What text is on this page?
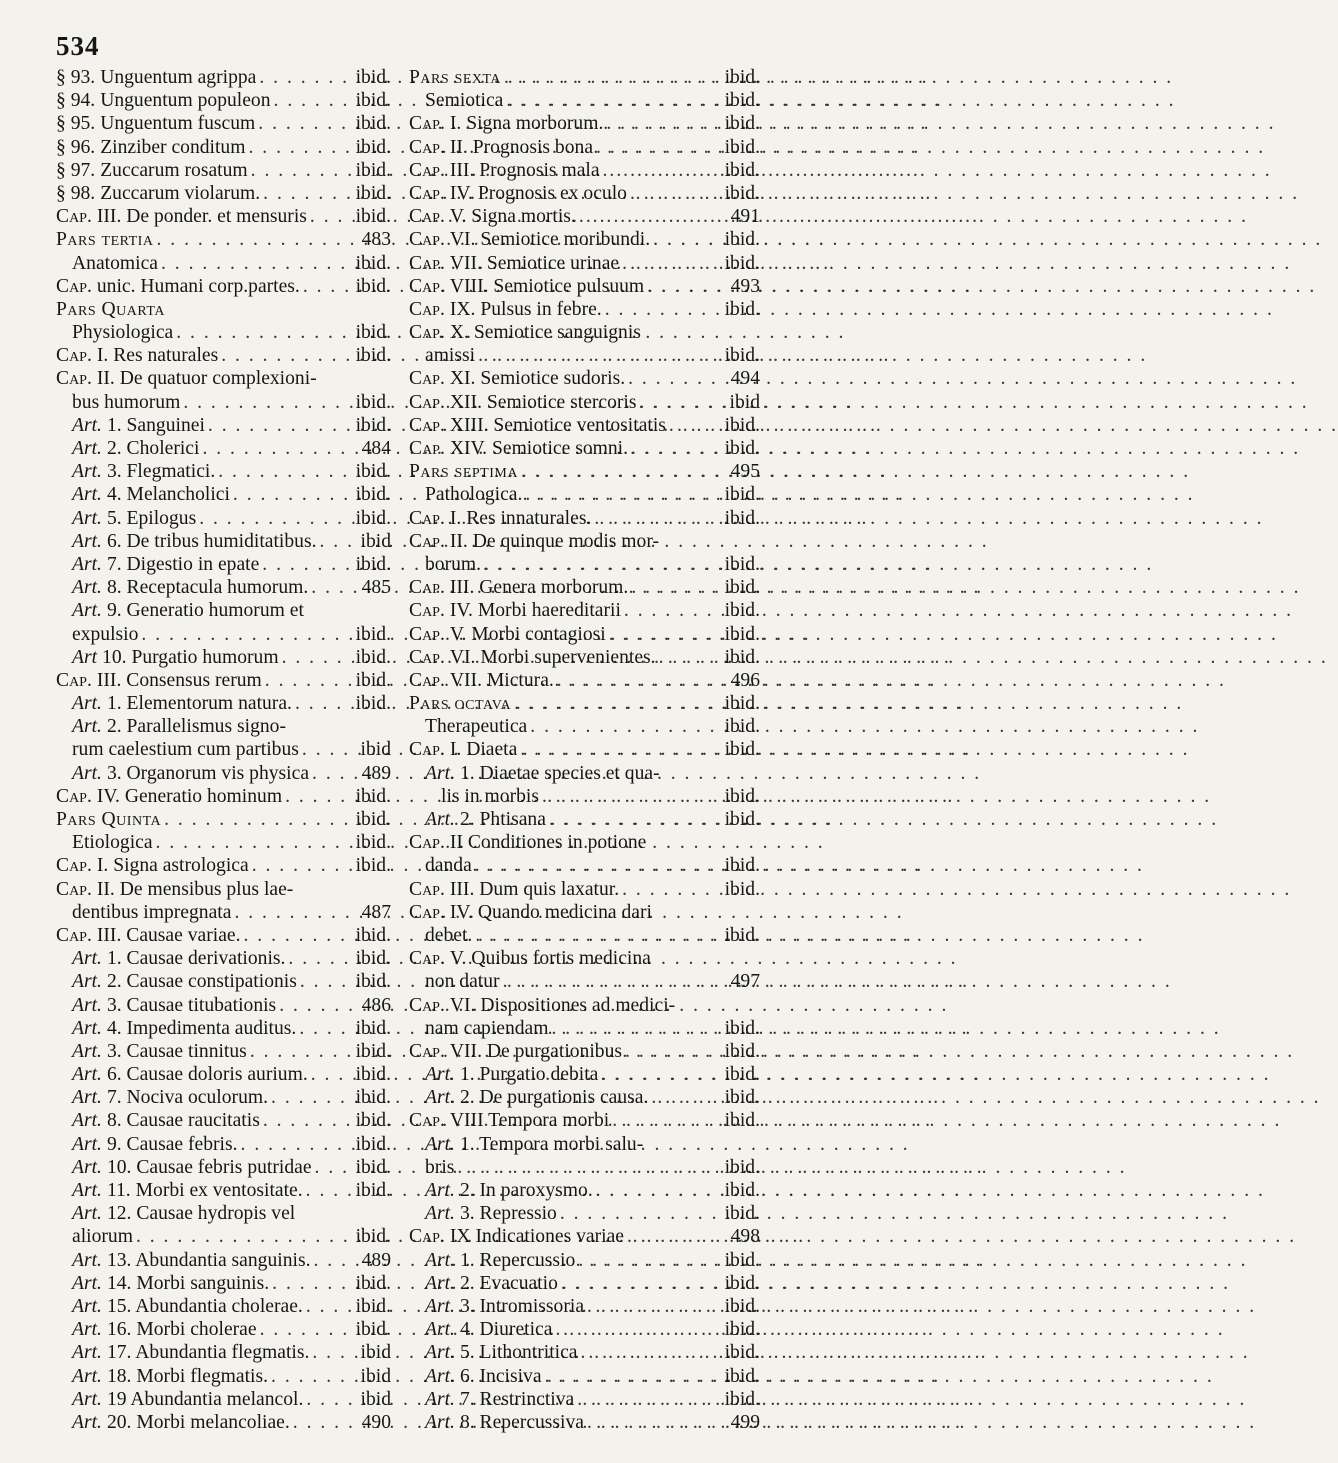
534
§ 93. Unguentum agrippa . . .	ibid.
§ 94. Unguentum populeon . . .	ibid.
§ 95. Unguentum fuscum . . .	ibid.
§ 96. Zinziber conditum . . .	ibid.
§ 97. Zuccarum rosatum . . .	ibid.
§ 98. Zuccarum violarum. . . .	ibid.
Cap. III. De ponder. et mensuris . . . ibid.
Pars tertia . . .	483
Anatomica . . .	ibid.
Cap. unic. Humani corp.partes. . . .	ibid.
Pars Quarta
Physiologica . . .	ibid.
Cap. I. Res naturales . . .	ibid.
Cap. II. De quatuor complexioni-
bus humorum . . .	ibid.
Art. 1. Sanguinei . . .	ibid.
Art. 2. Cholerici . . .	484
Art. 3. Flegmatici. . . .	ibid.
Art. 4. Melancholici . . .	ibid.
Art. 5. Epilogus . . .	ibid.
Art. 6. De tribus humiditatibus. . . . ibid
Art. 7. Digestio in epate . . .	ibid.
Art. 8. Receptacula humorum. . . .	485
Art. 9. Generatio humorum et
expulsio . . .	ibid.
Art 10. Purgatio humorum . . .	ibid.
Cap. III. Consensus rerum . . .	ibid.
Art. 1. Elementorum natura. . . .	ibid.
Art. 2. Parallelismus signo-
rum caelestium cum partibus . . .	ibid
Art. 3. Organorum vis physica . . .	489
Cap. IV. Generatio hominum . . .	ibid.
Pars Quinta . . .	ibid.
Etiologica . . .	ibid.
Cap. I. Signa astrologica . . .	ibid.
Cap. II. De mensibus plus lae-
dentibus impregnata . . .	487
Cap. III. Causae variae. . . .	ibid.
Art. 1. Causae derivationis. . . .	ibid.
Art. 2. Causae constipationis . . .	ibid.
Art. 3. Causae titubationis . . .	486
Art. 4. Impedimenta auditus. . . .	ibid.
Art. 3. Causae tinnitus . . .	ibid.
Art. 6. Causae doloris aurium. . . . ibid.
Art. 7. Nociva oculorum. . . .	ibid.
Art. 8. Causae raucitatis . . .	ibid.
Art. 9. Causae febris. . . .	ibid.
Art. 10. Causae febris putridae . . . ibid.
Art. 11. Morbi ex ventositate. . . .	ibid.
Art. 12. Causae hydropis vel
aliorum . . .	ibid.
Art. 13. Abundantia sanguinis. . . .	489
Art. 14. Morbi sanguinis. . . .	ibid.
Art. 15. Abundantia cholerae. . . .	ibid.
Art. 16. Morbi cholerae . . .	ibid.
Art. 17. Abundantia flegmatis. . . .	ibid
Art. 18. Morbi flegmatis. . . .	ibid
Art. 19 Abundantia melancol. . . .	ibid
Art. 20. Morbi melancoliae. . . .	490
Pars sexta . . .	ibid.
Semiotica . . .	ibid.
Cap. I. Signa morborum. . . .	ibid.
Cap. II. Prognosis bona . . .	ibid.
Cap. III. Prognosis mala . . .	ibid.
Cap. IV. Prognosis ex oculo . . .	ibid.
Cap. V. Signa mortis. . . .	491
Cap. VI. Semiotice moribundi. . . .	ibid.
Cap. VII. Semiotice urinae . . .	ibid.
Cap. VIII. Semiotice pulsuum . . .	493
Cap. IX. Pulsus in febre. . . .	ibid.
Cap. X. Semiotice sanguignis
amissi . . .	ibid.
Cap. XI. Semiotice sudoris. . . .	494
Cap. XII. Semiotice stercoris . . .	ibid
Cap. XIII. Semiotice ventositatis . . .	ibid.
Cap. XIV. Semiotice somni. . . .	ibid.
Pars septima . . .	495
Pathologica. . . .	ibid.
Cap. I. Res innaturales. . . .	ibid.
Cap. II. De quinque modis mor-
borum. . . .	ibid.
Cap. III. Genera morborum. . . .	ibid.
Cap. IV. Morbi haereditarii . . .	ibid.
Cap. V. Morbi contagiosi . . .	ibid.
Cap. VI. Morbi supervenientes. . . .	ibid.
Cap. VII. Mictura. . . .	496
Pars octava . . .	ibid.
Therapeutica . . .	ibid.
Cap. I. Diaeta . . .	ibid.
Art. 1. Diaetae species et qua-
lis in morbis . . .	ibid.
Art. 2. Phtisana . . .	ibid.
Cap. II Conditiones in potione
danda . . .	ibid.
Cap. III. Dum quis laxatur. . . .	ibid.
Cap. IV. Quando medicina dari
debet. . . .	ibid.
Cap. V. Quibus fortis medicina
non datur . . .	497
Cap. VI. Dispositiones ad medici-
nam capiendam . . .	ibid.
Cap. VII. De purgationibus . . .	ibid.
Art. 1. Purgatio debita . . .	ibid.
Art. 2. De purgationis causa. . . .	ibid.
Cap. VIII Tempora morbi . . .	ibid.
Art. 1. Tempora morbi salu-
bris . . .	ibid.
Art. 2. In paroxysmo. . . .	ibid.
Art. 3. Repressio . . .	ibid.
Cap. IX Indicationes variae . . .	498
Art. 1. Repercussio . . .	ibid.
Art. 2. Evacuatio . . .	ibid.
Art. 3. Intromissoria . . .	ibid.
Art. 4. Diuretica . . .	ibid.
Art. 5. Lithontritica . . .	ibid.
Art. 6. Incisiva . . .	ibid.
Art. 7. Restrinctiva . . .	ibid.
Art. 8. Repercussiva . . .	499
